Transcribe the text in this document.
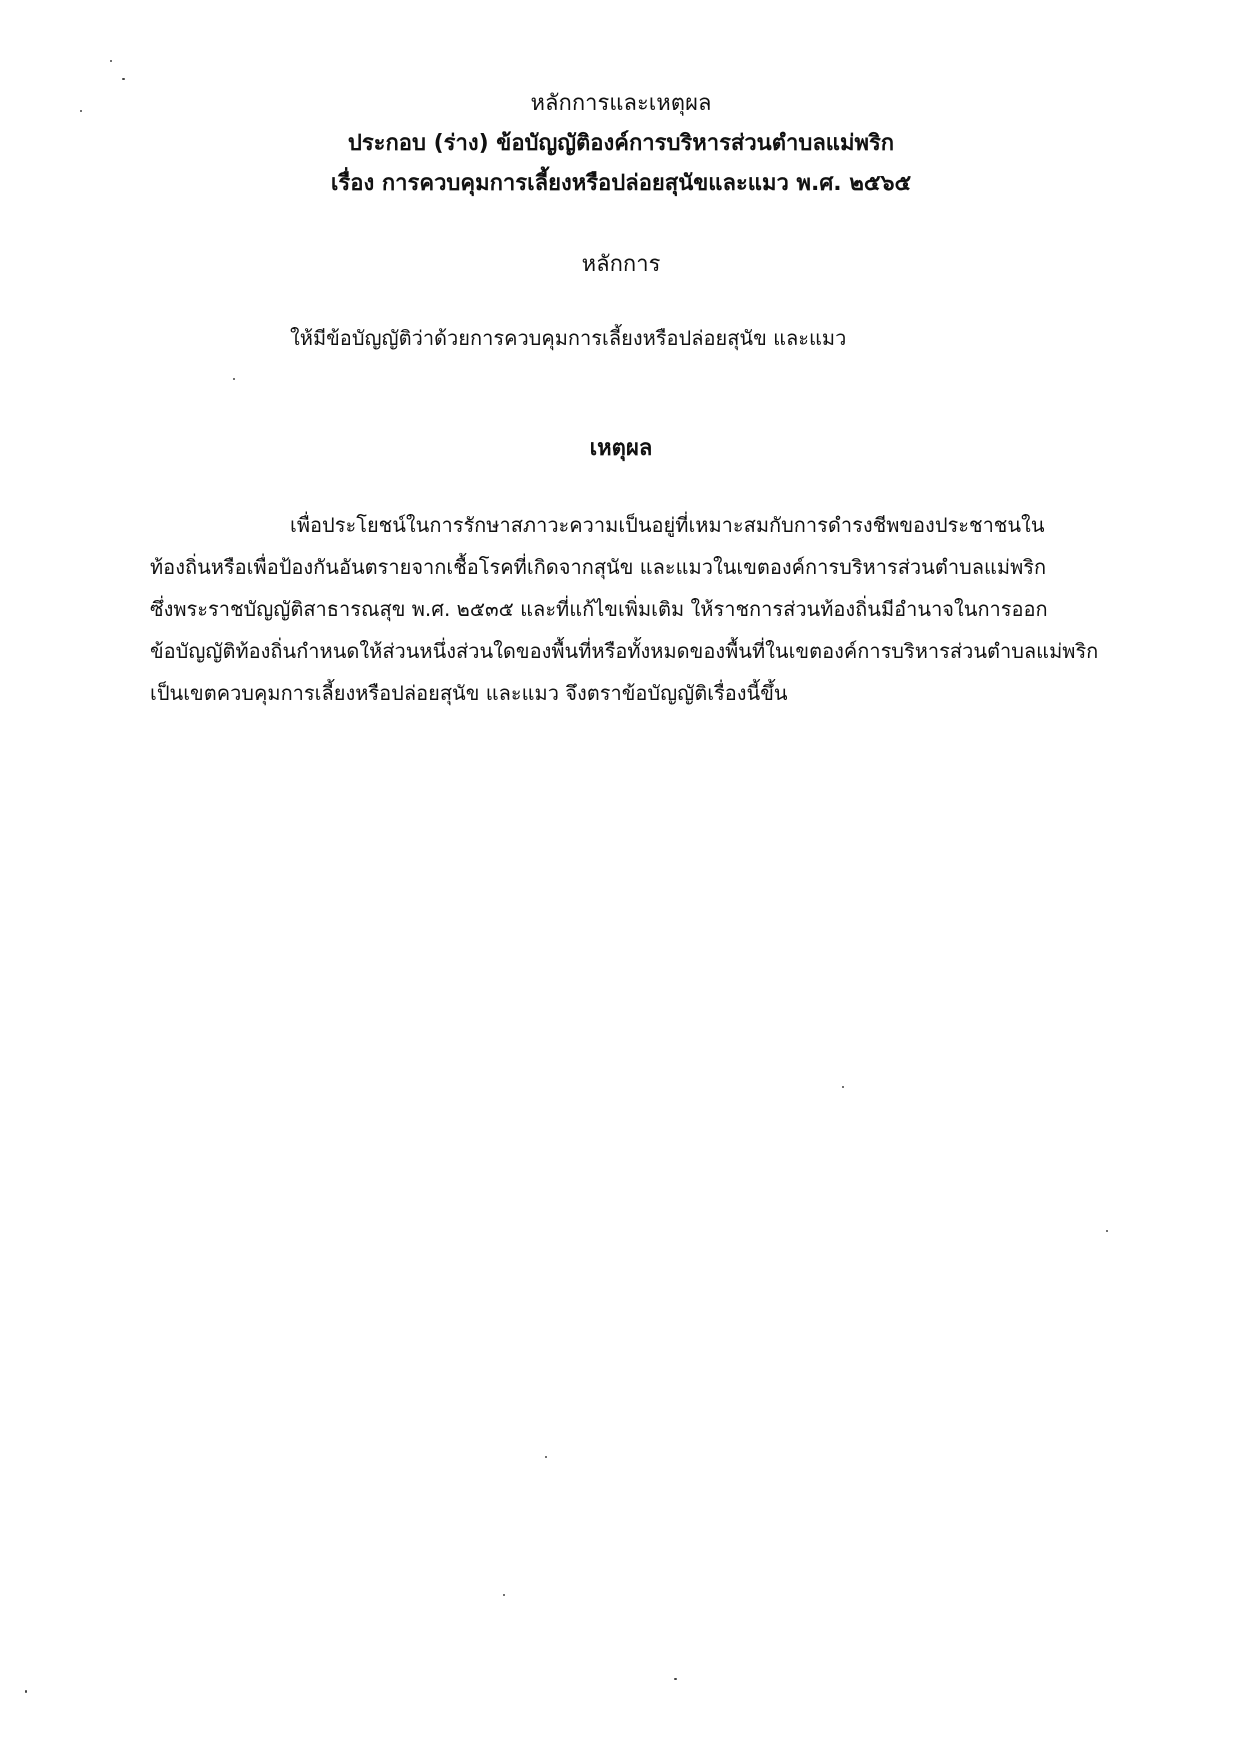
หลักการและเหตุผล
ประกอบ (ร่าง) ข้อบัญญัติองค์การบริหารส่วนตำบลแม่พริก
เรื่อง การควบคุมการเลี้ยงหรือปล่อยสุนัขและแมว พ.ศ. ๒๕๖๕
หลักการ
ให้มีข้อบัญญัติว่าด้วยการควบคุมการเลี้ยงหรือปล่อยสุนัข และแมว
เหตุผล
เพื่อประโยชน์ในการรักษาสภาวะความเป็นอยู่ที่เหมาะสมกับการดำรงชีพของประชาชนใน
ท้องถิ่นหรือเพื่อป้องกันอันตรายจากเชื้อโรคที่เกิดจากสุนัข และแมวในเขตองค์การบริหารส่วนตำบลแม่พริก
ซึ่งพระราชบัญญัติสาธารณสุข พ.ศ. ๒๕๓๕ และที่แก้ไขเพิ่มเติม ให้ราชการส่วนท้องถิ่นมีอำนาจในการออก
ข้อบัญญัติท้องถิ่นกำหนดให้ส่วนหนึ่งส่วนใดของพื้นที่หรือทั้งหมดของพื้นที่ในเขตองค์การบริหารส่วนตำบลแม่พริก
เป็นเขตควบคุมการเลี้ยงหรือปล่อยสุนัข และแมว จึงตราข้อบัญญัติเรื่องนี้ขึ้น
